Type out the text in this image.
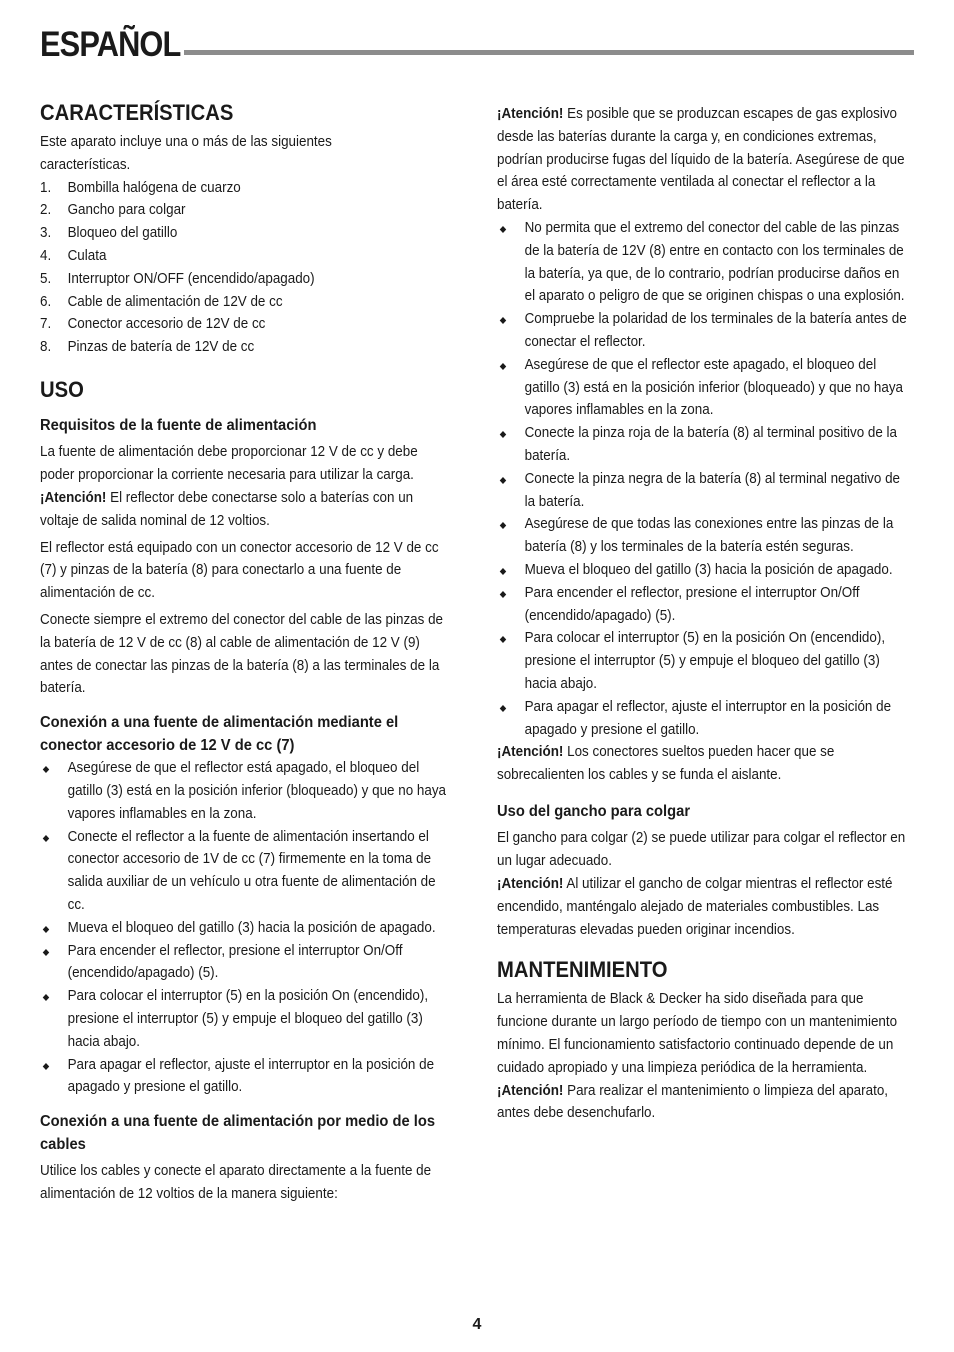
ESPAÑOL
CARACTERÍSTICAS

Este aparato incluye una o más de las siguientes características.

1. Bombilla halógena de cuarzo
2. Gancho para colgar
3. Bloqueo del gatillo
4. Culata
5. Interruptor ON/OFF (encendido/apagado)
6. Cable de alimentación de 12V de cc
7. Conector accesorio de 12V de cc
8. Pinzas de batería de 12V de cc
USO
Requisitos de la fuente de alimentación

La fuente de alimentación debe proporcionar 12 V de cc y debe poder proporcionar la corriente necesaria para utilizar la carga.

¡Atención! El reflector debe conectarse solo a baterías con un voltaje de salida nominal de 12 voltios.

El reflector está equipado con un conector accesorio de 12 V de cc (7) y pinzas de la batería (8) para conectarlo a una fuente de alimentación de cc.

Conecte siempre el extremo del conector del cable de las pinzas de la batería de 12 V de cc (8) al cable de alimentación de 12 V (9) antes de conectar las pinzas de la batería (8) a las terminales de la batería.

Conexión a una fuente de alimentación mediante el conector accesorio de 12 V de cc (7)
Asegúrese de que el reflector está apagado, el bloqueo del gatillo (3) está en la posición inferior (bloqueado) y que no haya vapores inflamables en la zona.
Conecte el reflector a la fuente de alimentación insertando el conector accesorio de 1V de cc (7) firmemente en la toma de salida auxiliar de un vehículo u otra fuente de alimentación de cc.
Mueva el bloqueo del gatillo (3) hacia la posición de apagado.
Para encender el reflector, presione el interruptor On/Off (encendido/apagado) (5).
Para colocar el interruptor (5) en la posición On (encendido), presione el interruptor (5) y empuje el bloqueo del gatillo (3) hacia abajo.
Para apagar el reflector, ajuste el interruptor en la posición de apagado y presione el gatillo.
Conexión a una fuente de alimentación por medio de los cables

Utilice los cables y conecte el aparato directamente a la fuente de alimentación de 12 voltios de la manera siguiente:

¡Atención! Es posible que se produzcan escapes de gas explosivo desde las baterías durante la carga y, en condiciones extremas, podrían producirse fugas del líquido de la batería. Asegúrese de que el área esté correctamente ventilada al conectar el reflector a la batería.

No permita que el extremo del conector del cable de las pinzas de la batería de 12V (8) entre en contacto con los terminales de la batería, ya que, de lo contrario, podrían producirse daños en el aparato o peligro de que se originen chispas o una explosión.
Compruebe la polaridad de los terminales de la batería antes de conectar el reflector.
Asegúrese de que el reflector este apagado, el bloqueo del gatillo (3) está en la posición inferior (bloqueado) y que no haya vapores inflamables en la zona.
Conecte la pinza roja de la batería (8) al terminal positivo de la batería.
Conecte la pinza negra de la batería (8) al terminal negativo de la batería.
Asegúrese de que todas las conexiones entre las pinzas de la batería (8) y los terminales de la batería estén seguras.
Mueva el bloqueo del gatillo (3) hacia la posición de apagado.
Para encender el reflector, presione el interruptor On/Off (encendido/apagado) (5).
Para colocar el interruptor (5) en la posición On (encendido), presione el interruptor (5) y empuje el bloqueo del gatillo (3) hacia abajo.
Para apagar el reflector, ajuste el interruptor en la posición de apagado y presione el gatillo.

¡Atención! Los conectores sueltos pueden hacer que se sobrecalienten los cables y se funda el aislante.

Uso del gancho para colgar

El gancho para colgar (2) se puede utilizar para colgar el reflector en un lugar adecuado.

¡Atención! Al utilizar el gancho de colgar mientras el reflector esté encendido, manténgalo alejado de materiales combustibles. Las temperaturas elevadas pueden originar incendios.

MANTENIMIENTO

La herramienta de Black & Decker ha sido diseñada para que funcione durante un largo período de tiempo con un mantenimiento mínimo. El funcionamiento satisfactorio continuado depende de un cuidado apropiado y una limpieza periódica de la herramienta.

¡Atención! Para realizar el mantenimiento o limpieza del aparato, antes debe desenchufarlo.

4
